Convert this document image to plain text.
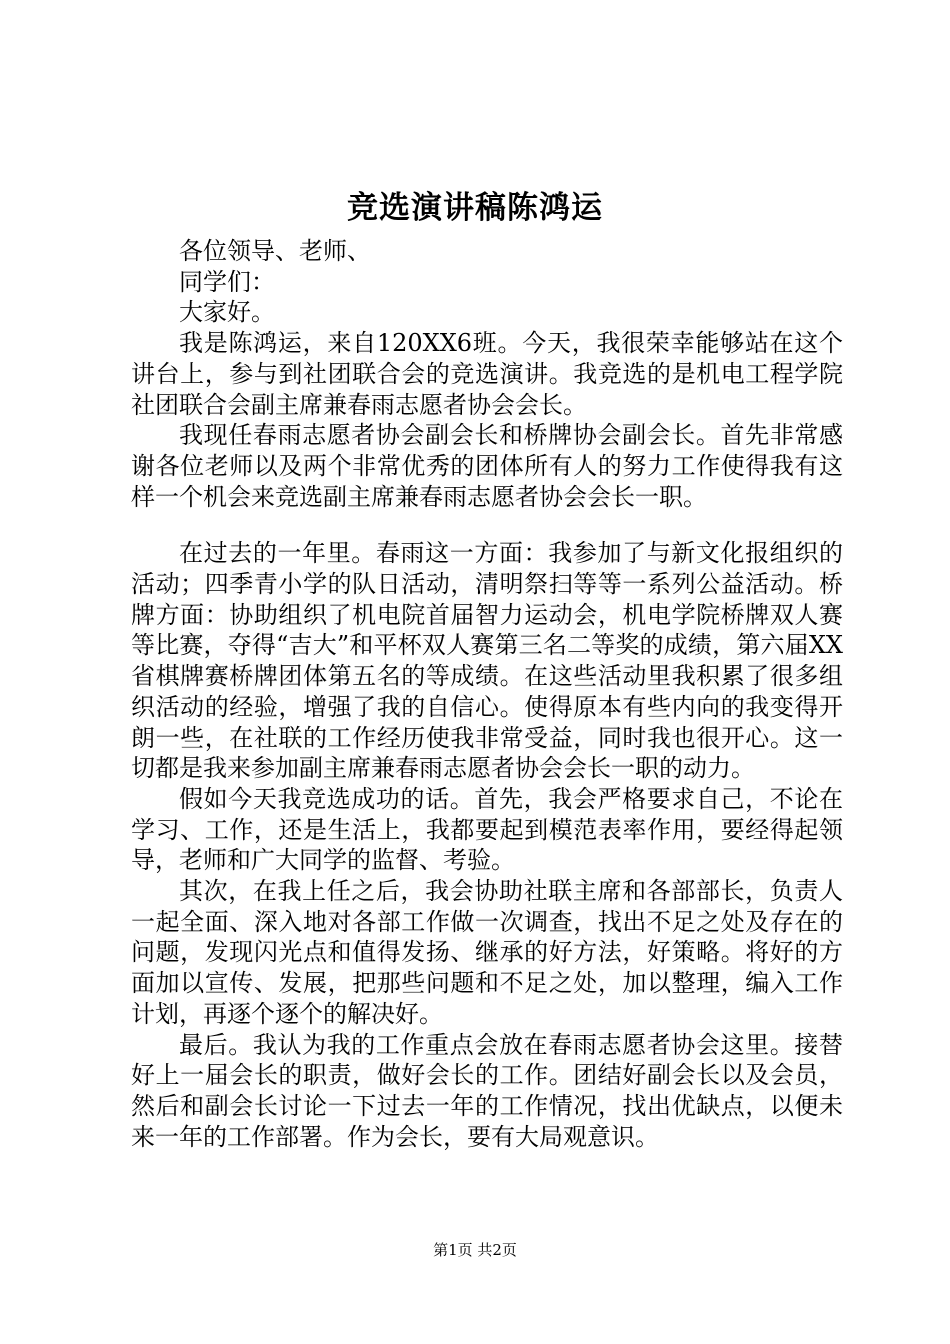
竞选演讲稿陈鸿运

各位领导、老师、

同学们：

大家好。

我是陈鸿运，来自120XX6班。今天，我很荣幸能够站在这个讲台上，参与到社团联合会的竞选演讲。我竞选的是机电工程学院社团联合会副主席兼春雨志愿者协会会长。

我现任春雨志愿者协会副会长和桥牌协会副会长。首先非常感谢各位老师以及两个非常优秀的团体所有人的努力工作使得我有这样一个机会来竞选副主席兼春雨志愿者协会会长一职。

在过去的一年里。春雨这一方面：我参加了与新文化报组织的活动；四季青小学的队日活动，清明祭扫等等一系列公益活动。桥牌方面：协助组织了机电院首届智力运动会，机电学院桥牌双人赛等比赛，夺得“吉大”和平杯双人赛第三名二等奖的成绩，第六届XX省棋牌赛桥牌团体第五名的等成绩。在这些活动里我积累了很多组织活动的经验，增强了我的自信心。使得原本有些内向的我变得开朗一些，在社联的工作经历使我非常受益，同时我也很开心。这一切都是我来参加副主席兼春雨志愿者协会会长一职的动力。

假如今天我竞选成功的话。首先，我会严格要求自己，不论在学习、工作，还是生活上，我都要起到模范表率作用，要经得起领导，老师和广大同学的监督、考验。

其次，在我上任之后，我会协助社联主席和各部部长，负责人一起全面、深入地对各部工作做一次调查，找出不足之处及存在的问题，发现闪光点和值得发扬、继承的好方法，好策略。将好的方面加以宣传、发展，把那些问题和不足之处，加以整理，编入工作计划，再逐个逐个的解决好。

最后。我认为我的工作重点会放在春雨志愿者协会这里。接替好上一届会长的职责，做好会长的工作。团结好副会长以及会员，然后和副会长讨论一下过去一年的工作情况，找出优缺点，以便未来一年的工作部署。作为会长，要有大局观意识。

第1页 共2页
